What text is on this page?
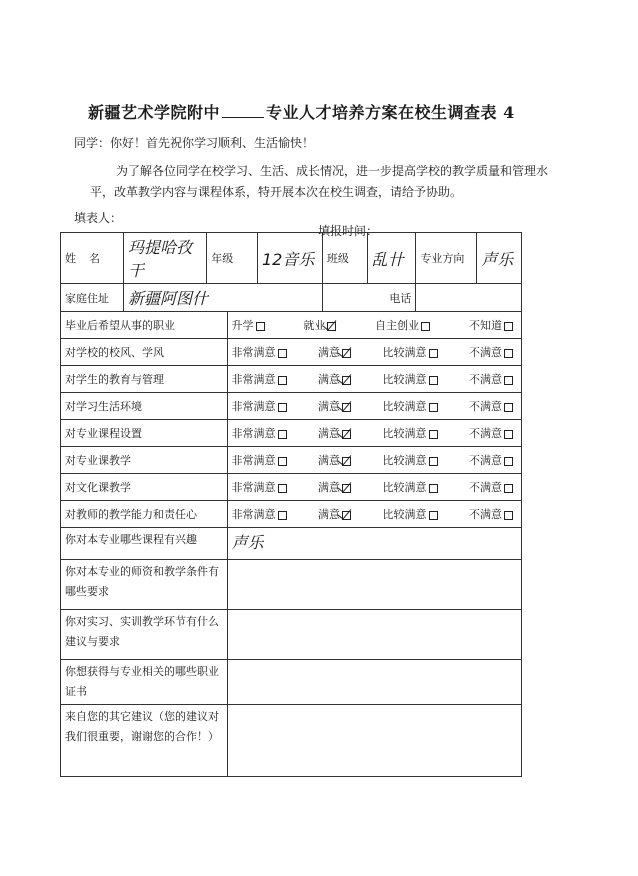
新疆艺术学院附中	专业人才培养方案在校生调查表 4
同学：你好！首先祝你学习顺利、生活愉快！
为了解各位同学在校学习、生活、成长情况，进一步提高学校的教学质量和管理水平，改革教学内容与课程体系，特开展本次在校生调查，请给予协助。
填表人：
填报时间：
姓　名	玛提哈孜干	年级		12音乐	班级	乱卄	专业方向	声乐
家庭住址	新疆阿图什				电话			
毕业后希望从事的职业			升学 就业 自主创业 不知道					

对学校的校风、学风			非常满意 满意 比较满意 不满意					

对学生的教育与管理			非常满意 满意 比较满意 不满意					

对学习生活环境			非常满意 满意 比较满意 不满意					

对专业课程设置			非常满意 满意 比较满意 不满意					

对专业课教学			非常满意 满意 比较满意 不满意					

对文化课教学			非常满意 满意 比较满意 不满意					

对教师的教学能力和责任心			非常满意 满意 比较满意 不满意					

你对本专业哪些课程有兴趣			声乐					
你对本专业的师资和教学条件有哪些要求								
你对实习、实训教学环节有什么建议与要求								
你想获得与专业相关的哪些职业证书								
来自您的其它建议（您的建议对我们很重要，谢谢您的合作！）								
